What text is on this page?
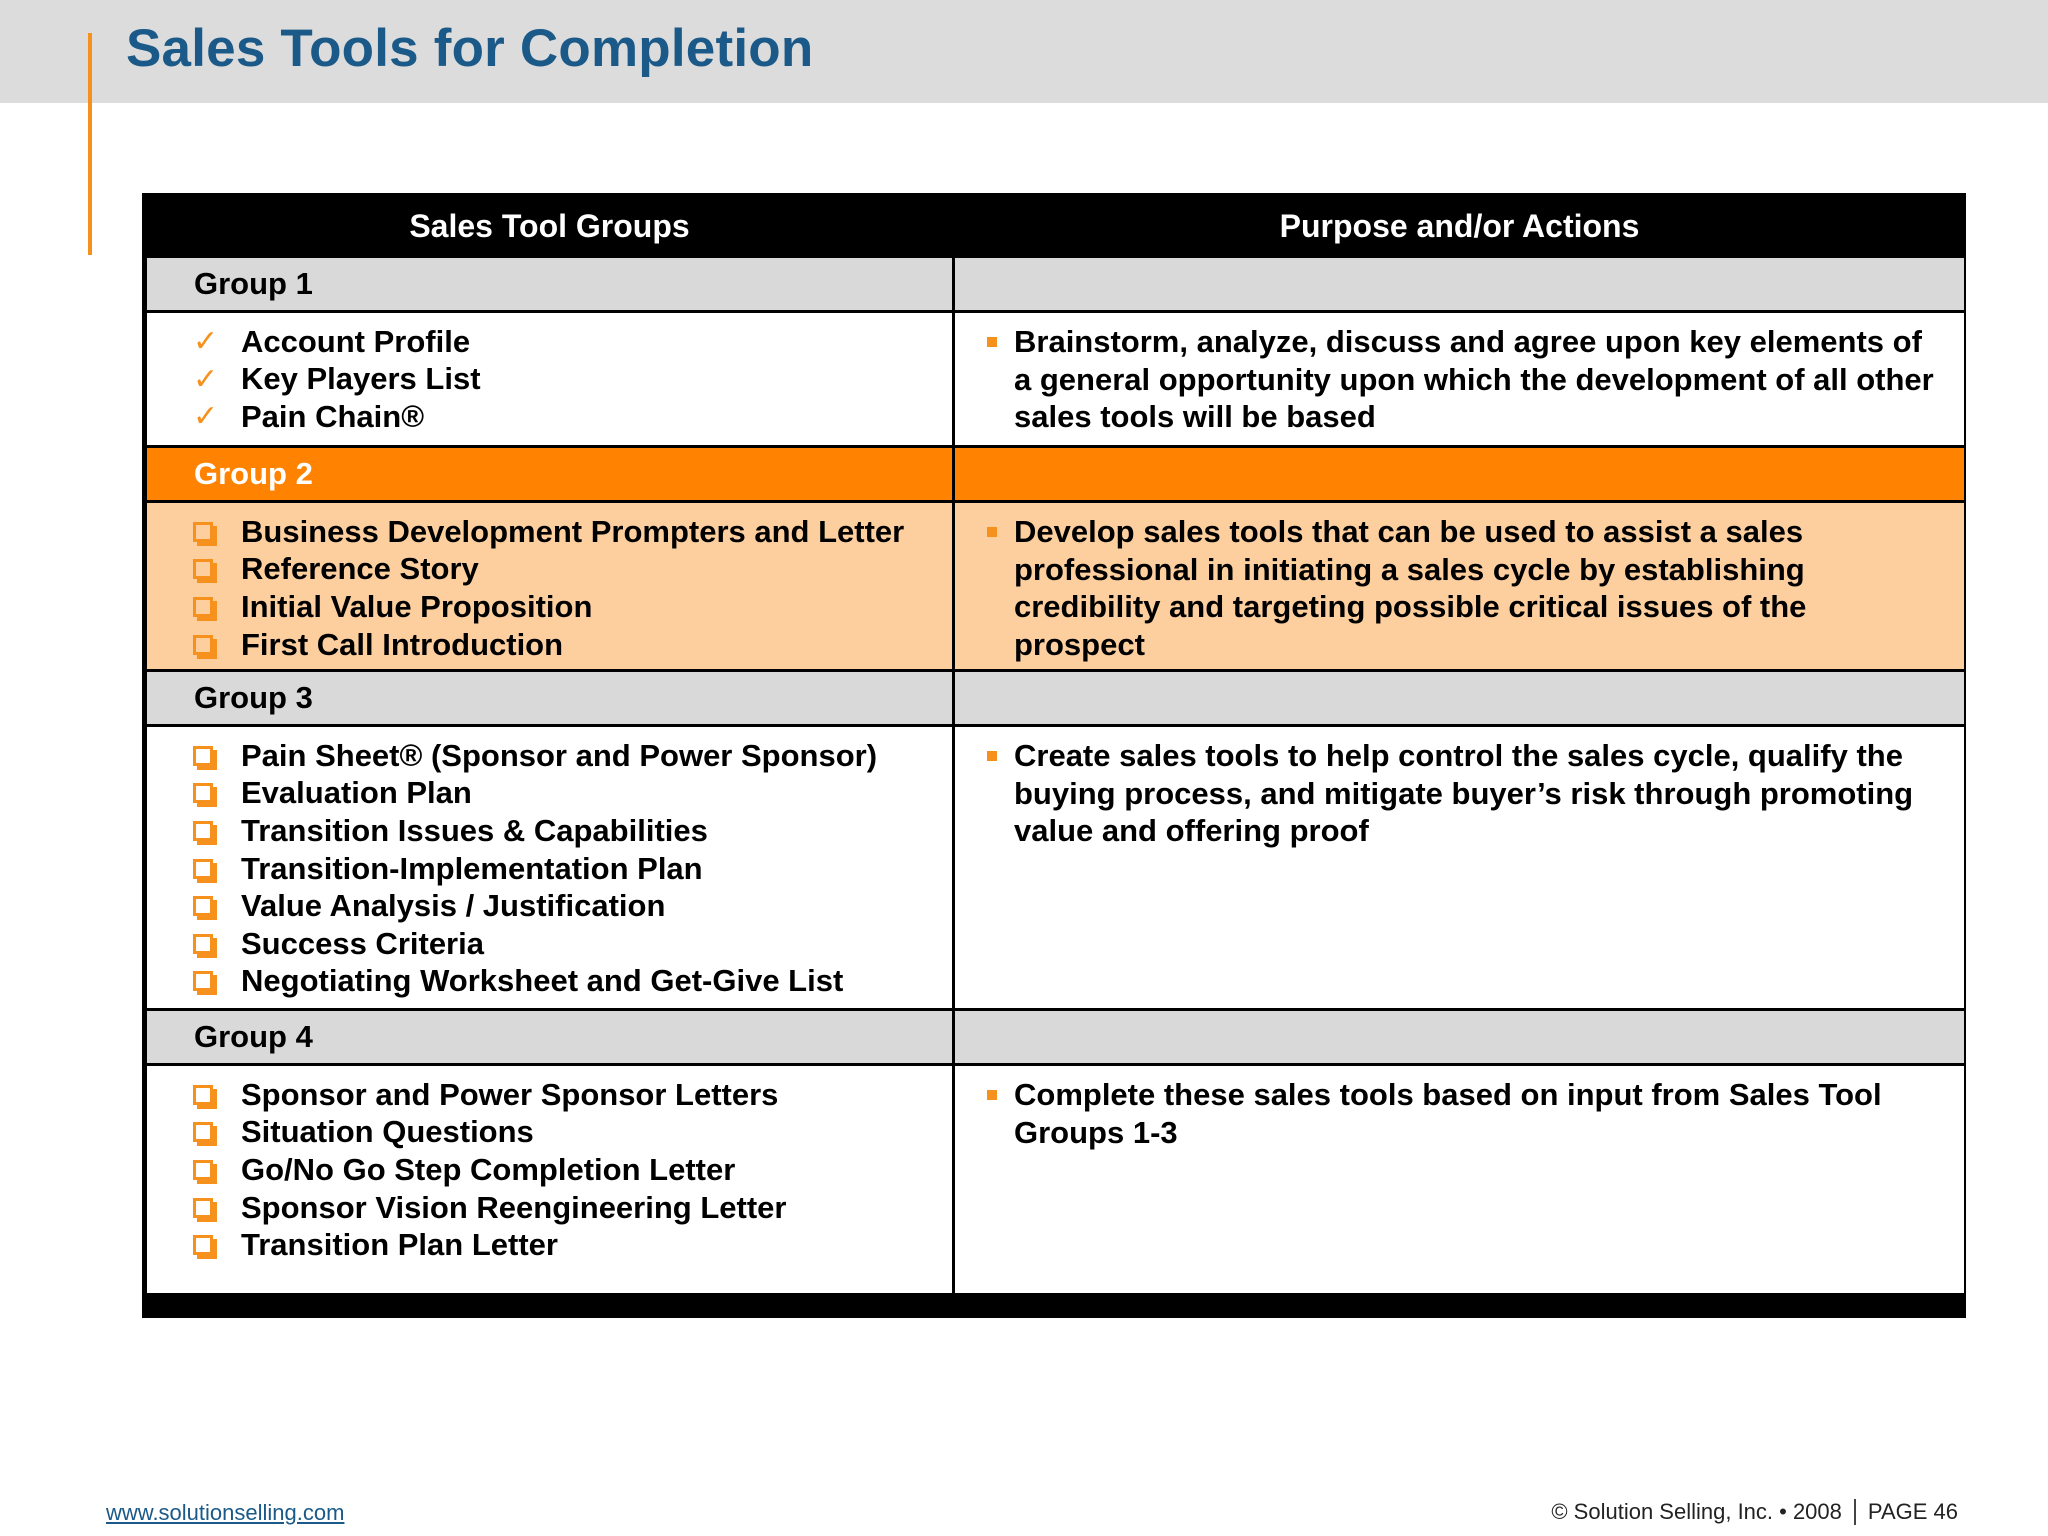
Sales Tools for Completion
Sales Tool Groups	Purpose and/or Actions
Group 1
✓ Account Profile
✓ Key Players List
✓ Pain Chain®
Brainstorm, analyze, discuss and agree upon key elements of a general opportunity upon which the development of all other sales tools will be based
Group 2
Business Development Prompters and Letter
Reference Story
Initial Value Proposition
First Call Introduction
Develop sales tools that can be used to assist a sales professional in initiating a sales cycle by establishing credibility and targeting possible critical issues of the prospect
Group 3
Pain Sheet® (Sponsor and Power Sponsor)
Evaluation Plan
Transition Issues & Capabilities
Transition-Implementation Plan
Value Analysis / Justification
Success Criteria
Negotiating Worksheet and Get-Give List
Create sales tools to help control the sales cycle, qualify the buying process, and mitigate buyer’s risk through promoting value and offering proof
Group 4
Sponsor and Power Sponsor Letters
Situation Questions
Go/No Go Step Completion Letter
Sponsor Vision Reengineering Letter
Transition Plan Letter
Complete these sales tools based on input from Sales Tool Groups 1-3
www.solutionselling.com	© Solution Selling, Inc. • 2008 PAGE 46
